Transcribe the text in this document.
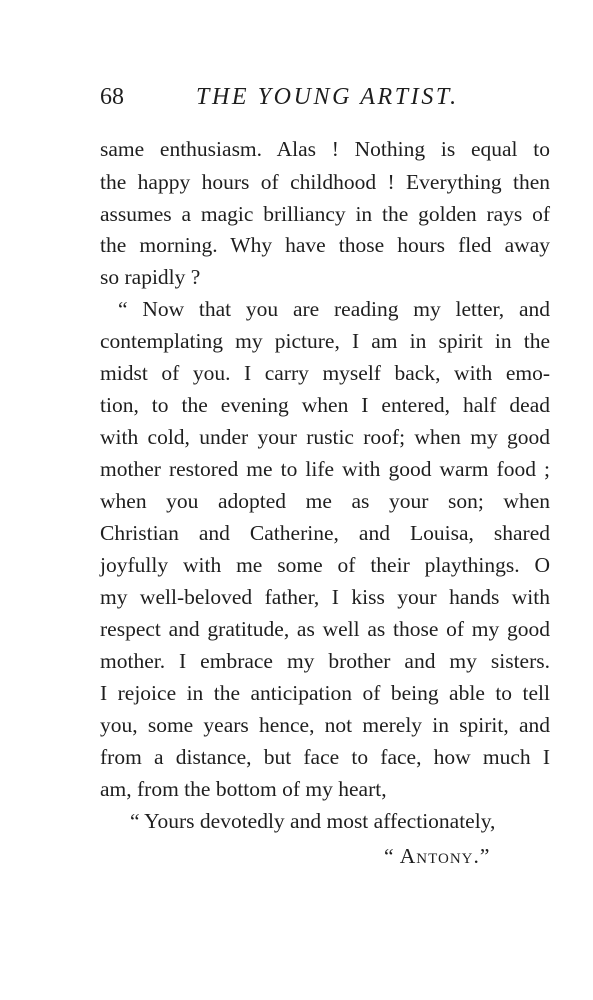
68	THE YOUNG ARTIST.
same enthusiasm. Alas ! Nothing is equal to
the happy hours of childhood ! Everything then
assumes a magic brilliancy in the golden rays of
the morning. Why have those hours fled away
so rapidly ?
“ Now that you are reading my letter, and
contemplating my picture, I am in spirit in the
midst of you. I carry myself back, with emo-
tion, to the evening when I entered, half dead
with cold, under your rustic roof; when my good
mother restored me to life with good warm food ;
when you adopted me as your son; when
Christian and Catherine, and Louisa, shared
joyfully with me some of their playthings. O
my well-beloved father, I kiss your hands with
respect and gratitude, as well as those of my good
mother. I embrace my brother and my sisters.
I rejoice in the anticipation of being able to tell
you, some years hence, not merely in spirit, and
from a distance, but face to face, how much I
am, from the bottom of my heart,
“ Yours devotedly and most affectionately,
“ Antony.”
